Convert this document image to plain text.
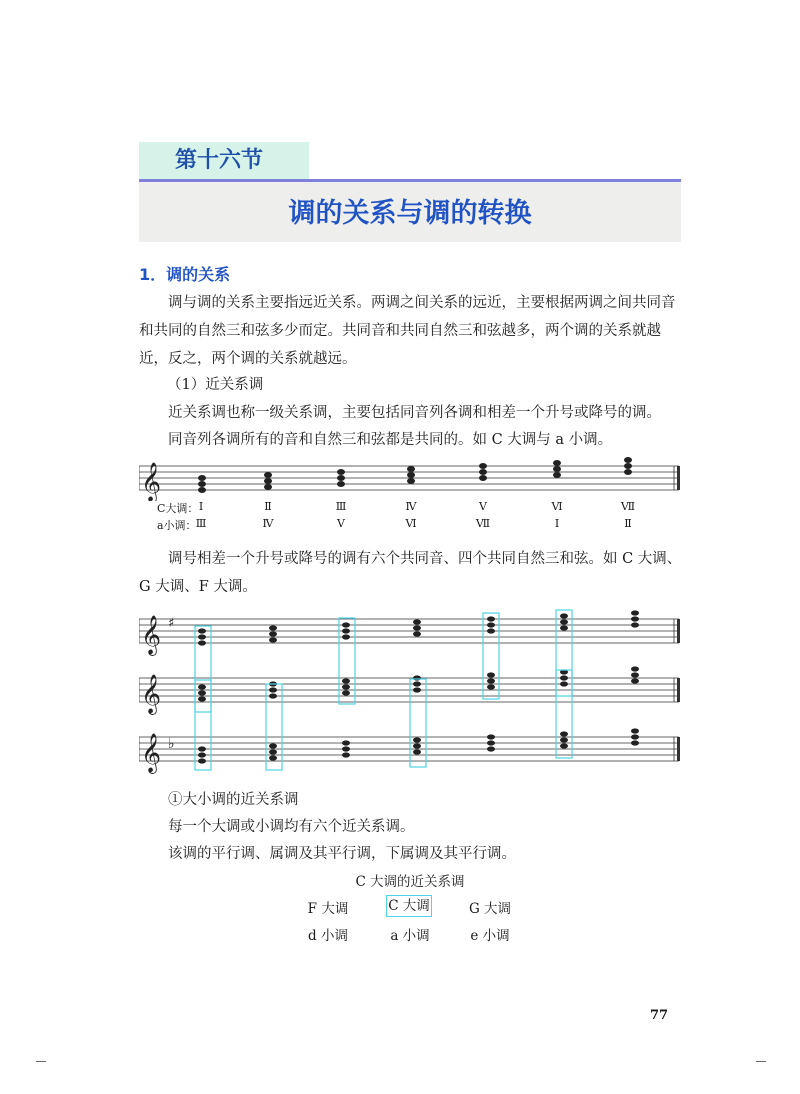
第十六节
调的关系与调的转换
1．调的关系
调与调的关系主要指远近关系。两调之间关系的远近，主要根据两调之间共同音和共同的自然三和弦多少而定。共同音和共同自然三和弦越多，两个调的关系就越近，反之，两个调的关系就越远。
（1）近关系调
近关系调也称一级关系调，主要包括同音列各调和相差一个升号或降号的调。
同音列各调所有的音和自然三和弦都是共同的。如 C 大调与 a 小调。
𝄞
C大调：
a小调：
Ⅰ	Ⅱ	Ⅲ	Ⅳ	Ⅴ	Ⅵ	Ⅶ
Ⅲ	Ⅳ	Ⅴ	Ⅵ	Ⅶ	Ⅰ	Ⅱ
调号相差一个升号或降号的调有六个共同音、四个共同自然三和弦。如 C 大调、G 大调、F 大调。
𝄞
𝄞
𝄞
♯
♭
①大小调的近关系调
每一个大调或小调均有六个近关系调。
该调的平行调、属调及其平行调，下属调及其平行调。
C 大调的近关系调
F 大调	C 大调	G 大调
d 小调	a 小调	e 小调
77
